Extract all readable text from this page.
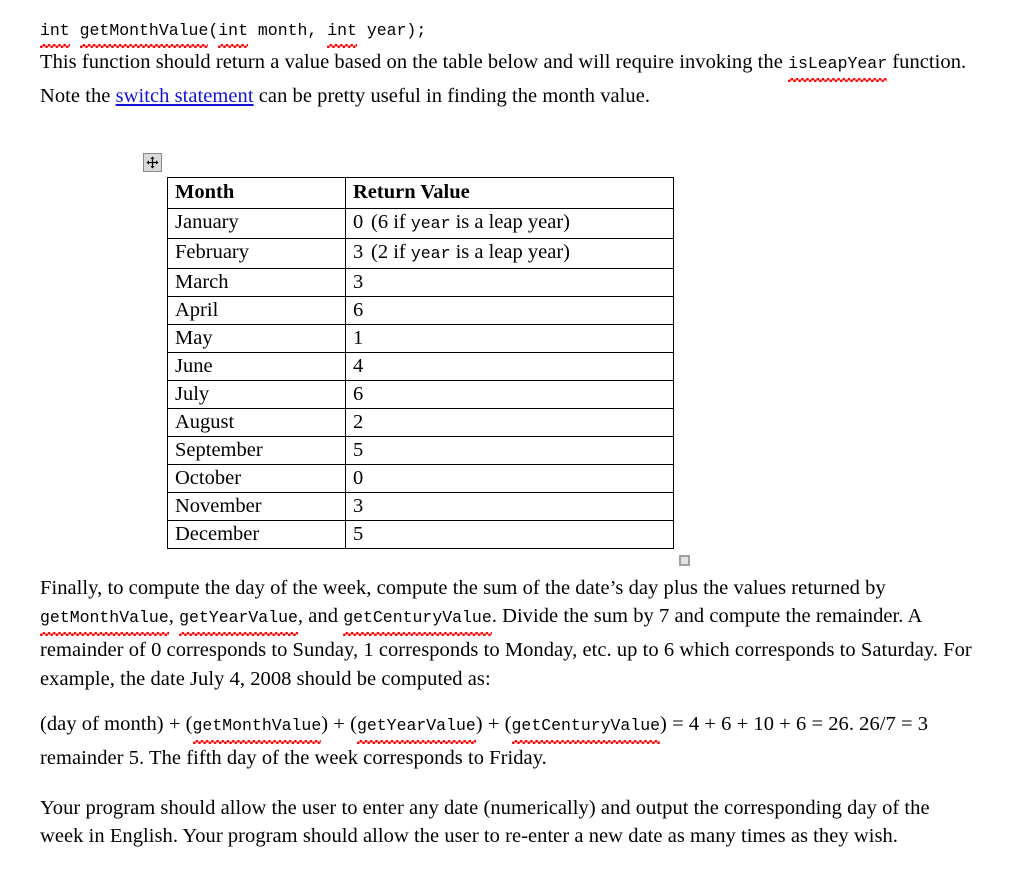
int getMonthValue(int month, int year);

This function should return a value based on the table below and will require invoking the isLeapYear function. Note the switch statement can be pretty useful in finding the month value.

Month	Return Value
January	0 (6 if year is a leap year)
February	3 (2 if year is a leap year)
March	3
April	6
May	1
June	4
July	6
August	2
September	5
October	0
November	3
December	5

Finally, to compute the day of the week, compute the sum of the date’s day plus the values returned by getMonthValue, getYearValue, and getCenturyValue. Divide the sum by 7 and compute the remainder. A remainder of 0 corresponds to Sunday, 1 corresponds to Monday, etc. up to 6 which corresponds to Saturday. For example, the date July 4, 2008 should be computed as:

(day of month) + (getMonthValue) + (getYearValue) + (getCenturyValue) = 4 + 6 + 10 + 6 = 26. 26/7 = 3 remainder 5. The fifth day of the week corresponds to Friday.

Your program should allow the user to enter any date (numerically) and output the corresponding day of the week in English. Your program should allow the user to re-enter a new date as many times as they wish.
